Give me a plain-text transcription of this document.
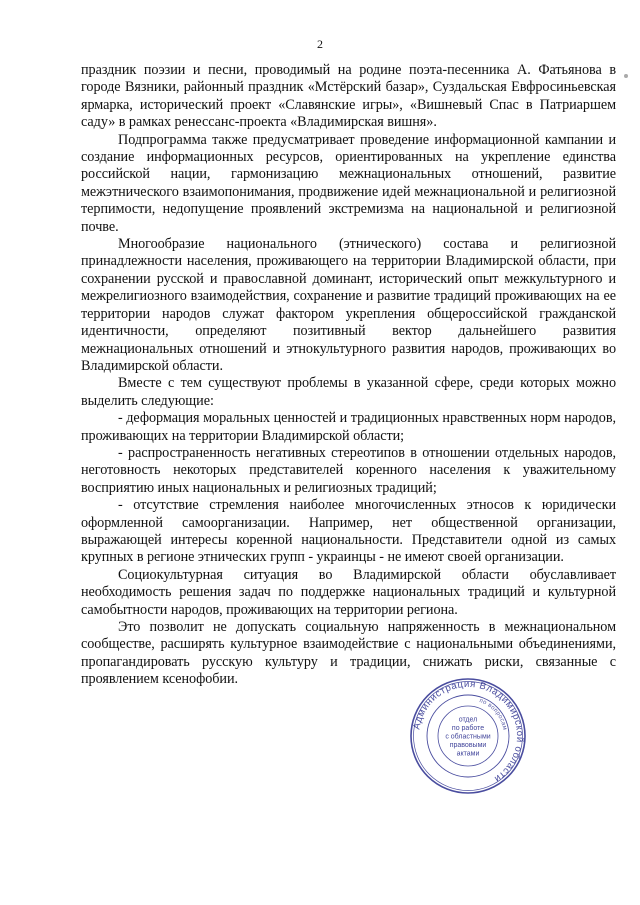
2

праздник поэзии и песни, проводимый на родине поэта-песенника А. Фатьянова в городе Вязники, районный праздник «Мстёрский базар», Суздальская Евфросиньевская ярмарка, исторический проект «Славянские игры», «Вишневый Спас в Патриаршем саду» в рамках ренессанс-проекта «Владимирская вишня».

Подпрограмма также предусматривает проведение информационной кампании и создание информационных ресурсов, ориентированных на укрепление единства российской нации, гармонизацию межнациональных отношений, развитие межэтнического взаимопонимания, продвижение идей межнациональной и религиозной терпимости, недопущение проявлений экстремизма на национальной и религиозной почве.

Многообразие национального (этнического) состава и религиозной принадлежности населения, проживающего на территории Владимирской области, при сохранении русской и православной доминант, исторический опыт межкультурного и межрелигиозного взаимодействия, сохранение и развитие традиций проживающих на ее территории народов служат фактором укрепления общероссийской гражданской идентичности, определяют позитивный вектор дальнейшего развития межнациональных отношений и этнокультурного развития народов, проживающих во Владимирской области.

Вместе с тем существуют проблемы в указанной сфере, среди которых можно выделить следующие:

- деформация моральных ценностей и традиционных нравственных норм народов, проживающих на территории Владимирской области;

- распространенность негативных стереотипов в отношении отдельных народов, неготовность некоторых представителей коренного населения к уважительному восприятию иных национальных и религиозных традиций;

- отсутствие стремления наиболее многочисленных этносов к юридически оформленной самоорганизации. Например, нет общественной организации, выражающей интересы коренной национальности. Представители одной из самых крупных в регионе этнических групп - украинцы - не имеют своей организации.

Социокультурная ситуация во Владимирской области обуславливает необходимость решения задач по поддержке национальных традиций и культурной самобытности народов, проживающих на территории региона.

Это позволит не допускать социальную напряженность в межнациональном сообществе, расширять культурное взаимодействие с национальными объединениями, пропагандировать русскую культуру и традиции, снижать риски, связанные с проявлением ксенофобии.

Администрация Владимирской области
по вопросам
отдел
по работе
с областными
правовыми
актами
